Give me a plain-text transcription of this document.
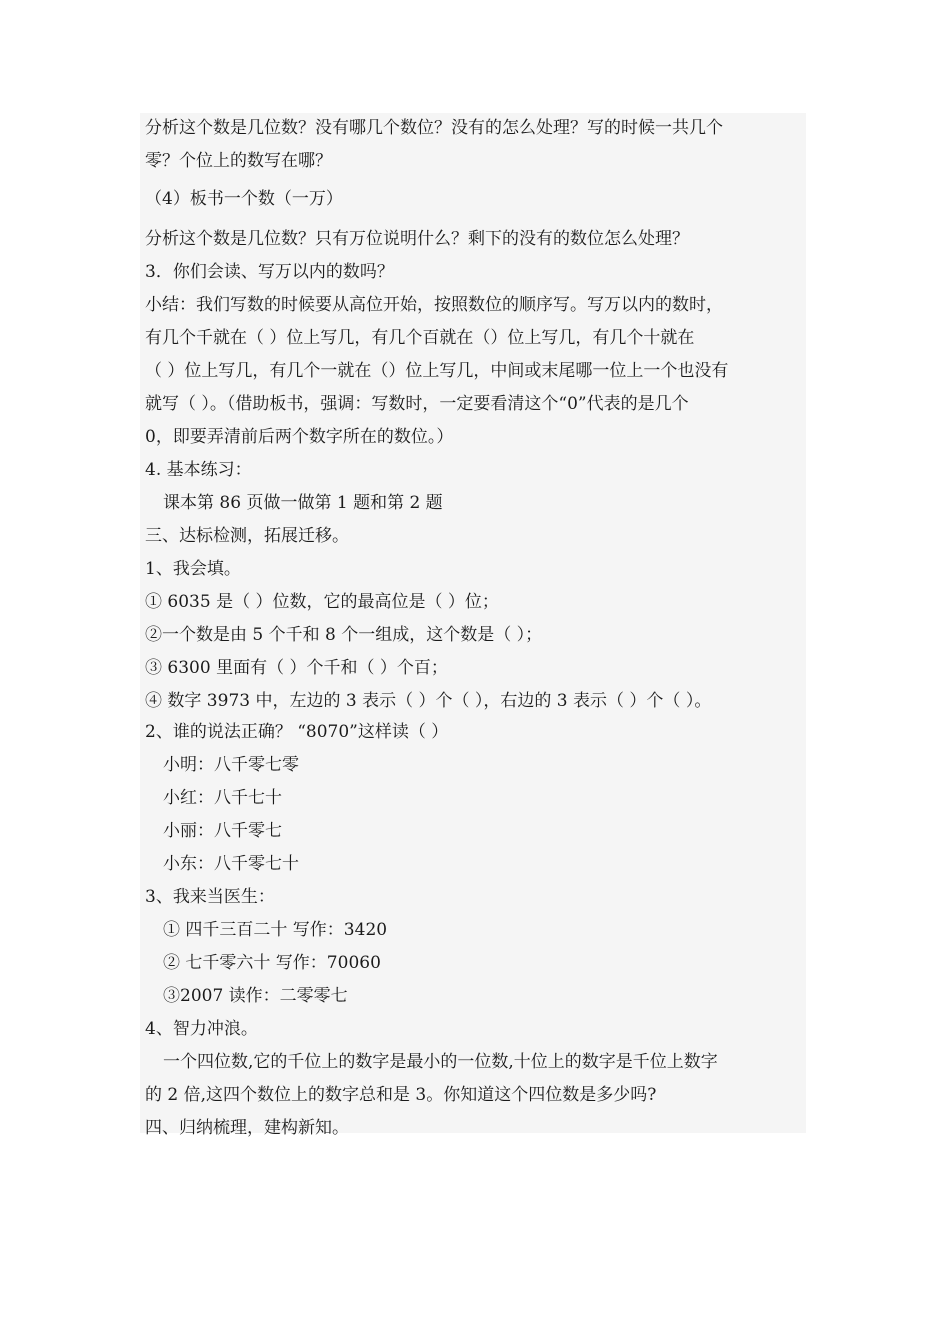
分析这个数是几位数？没有哪几个数位？没有的怎么处理？写的时候一共几个
零？个位上的数写在哪？
（4）板书一个数（一万）
分析这个数是几位数？只有万位说明什么？剩下的没有的数位怎么处理？
3．你们会读、写万以内的数吗？
小结：我们写数的时候要从高位开始，按照数位的顺序写。写万以内的数时，
有几个千就在（ ）位上写几，有几个百就在（）位上写几，有几个十就在
（ ）位上写几，有几个一就在（）位上写几，中间或末尾哪一位上一个也没有
就写（ ）。（借助板书，强调：写数时，一定要看清这个“0”代表的是几个
0，即要弄清前后两个数字所在的数位。）
4. 基本练习：
课本第 86 页做一做第 1 题和第 2 题
三、达标检测，拓展迁移。
1、我会填。
① 6035 是（ ）位数，它的最高位是（ ）位；
②一个数是由 5 个千和 8 个一组成，这个数是（ ）；
③ 6300 里面有（ ）个千和（ ）个百；
④ 数字 3973 中，左边的 3 表示（ ）个（ ），右边的 3 表示（ ）个（ ）。
2、谁的说法正确？ “8070”这样读（ ）
小明：八千零七零
小红：八千七十
小丽：八千零七
小东：八千零七十
3、我来当医生：
① 四千三百二十 写作：3420
② 七千零六十 写作：70060
③2007 读作：二零零七
4、智力冲浪。
一个四位数,它的千位上的数字是最小的一位数,十位上的数字是千位上数字
的 2 倍,这四个数位上的数字总和是 3。你知道这个四位数是多少吗?
四、归纳梳理，建构新知。
